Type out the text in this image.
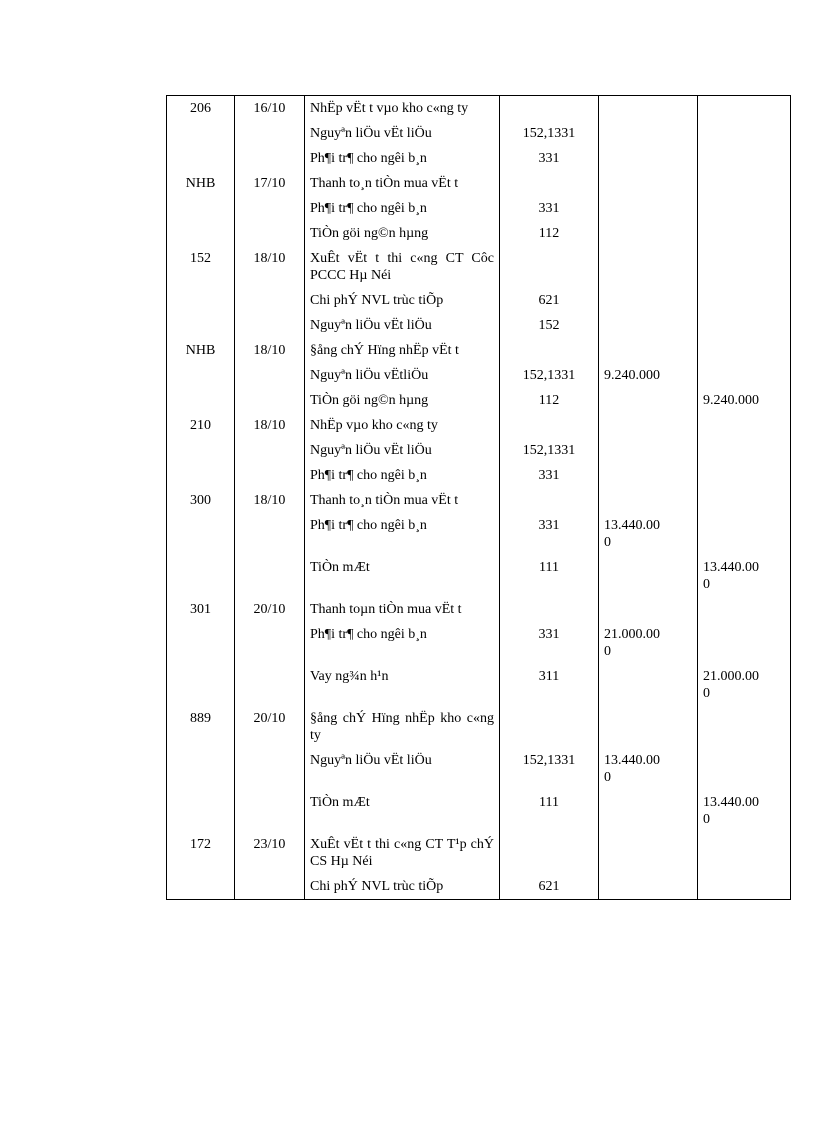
206	16/10	NhËp vËt t vµo kho c«ng ty			
		Nguyªn liÖu vËt liÖu	152,1331		
		Ph¶i tr¶ cho ngêi b¸n	331		
NHB	17/10	Thanh to¸n tiÒn mua vËt t			
		Ph¶i tr¶ cho ngêi b¸n	331		
		TiÒn göi ng©n hµng	112		
152	18/10	XuÊt vËt t thi c«ng CT Côc PCCC Hµ Néi			
		Chi phÝ NVL trùc tiÕp	621		
		Nguyªn liÖu vËt liÖu	152		
NHB	18/10	§ång chÝ Hïng nhËp vËt t			
		Nguyªn liÖu vËtliÖu	152,1331	9.240.000	

		TiÒn göi ng©n hµng	112		9.240.000

210	18/10	NhËp vµo kho c«ng ty			
		Nguyªn liÖu vËt liÖu	152,1331		
		Ph¶i tr¶ cho ngêi b¸n	331		
300	18/10	Thanh to¸n tiÒn mua vËt t			
		Ph¶i tr¶ cho ngêi b¸n	331	13.440.00
0	

		TiÒn mÆt	111		13.440.00
0

301	20/10	Thanh toµn tiÒn mua vËt t			
		Ph¶i tr¶ cho ngêi b¸n	331	21.000.00
0	

		Vay ng¾n h¹n	311		21.000.00
0

889	20/10	§ång chÝ Hïng nhËp kho c«ng ty			
		Nguyªn liÖu vËt liÖu	152,1331	13.440.00
0	

		TiÒn mÆt	111		13.440.00
0

172	23/10	XuÊt vËt t thi c«ng CT T¹p chÝ CS Hµ Néi			
		Chi phÝ NVL trùc tiÕp	621		
